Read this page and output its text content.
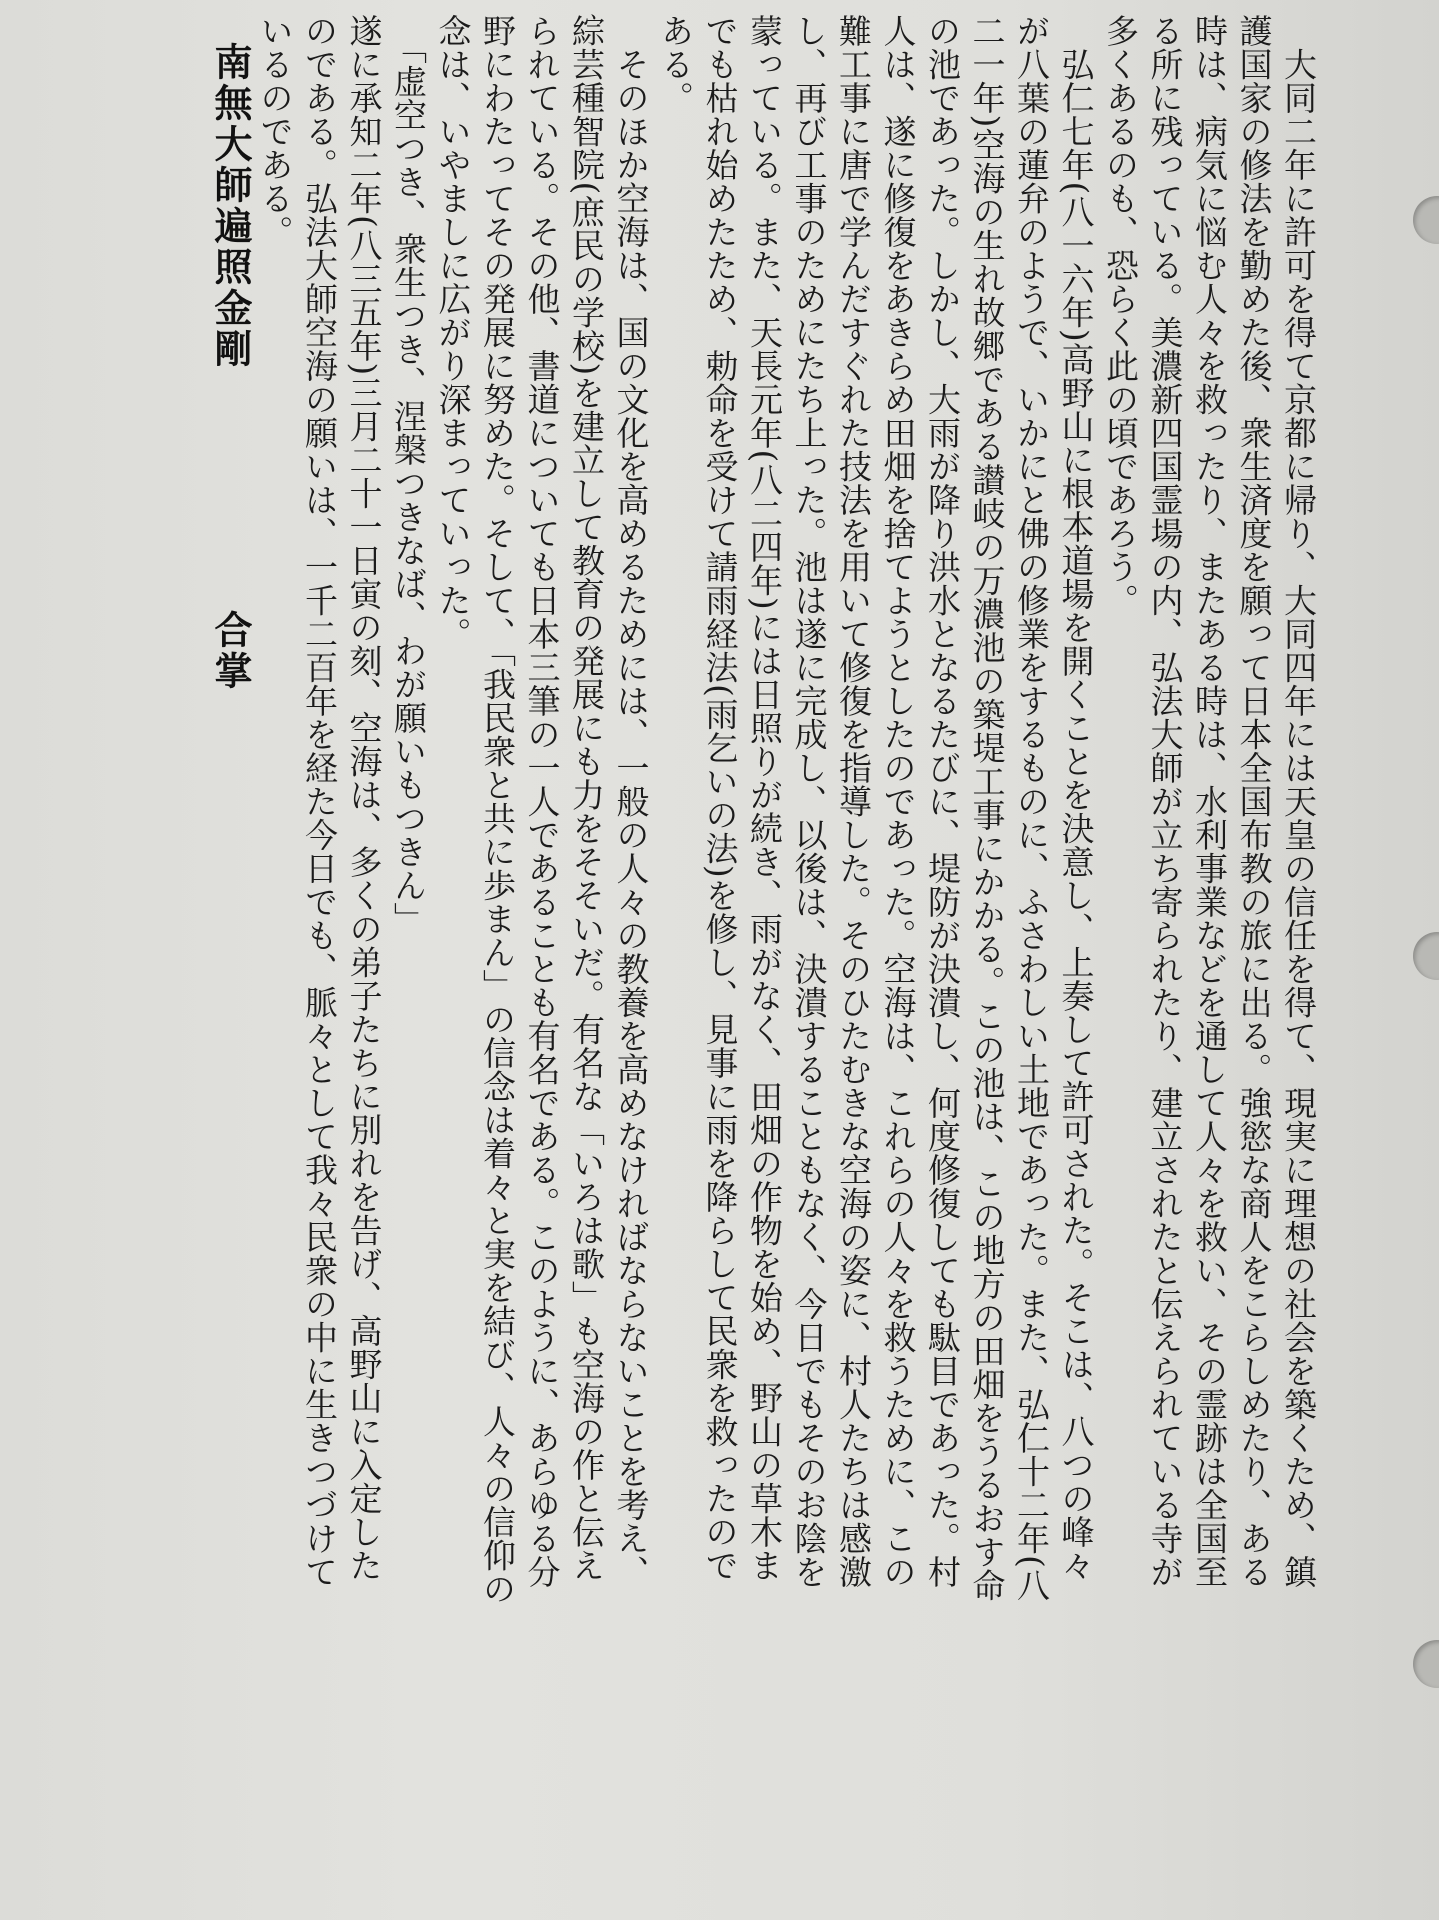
　大同二年に許可を得て京都に帰り、大同四年には天皇の信任を得て、現実に理想の社会を築くため、鎮
護国家の修法を勤めた後、衆生済度を願って日本全国布教の旅に出る。強慾な商人をこらしめたり、ある
時は、病気に悩む人々を救ったり、またある時は、水利事業などを通して人々を救い、その霊跡は全国至
る所に残っている。美濃新四国霊場の内、弘法大師が立ち寄られたり、建立されたと伝えられている寺が
多くあるのも、恐らく此の頃であろう。

　弘仁七年(八一六年)高野山に根本道場を開くことを決意し、上奏して許可された。そこは、八つの峰々
が八葉の蓮弁のようで、いかにと佛の修業をするものに、ふさわしい土地であった。また、弘仁十二年(八
二一年)空海の生れ故郷である讃岐の万濃池の築堤工事にかかる。この池は、この地方の田畑をうるおす命
の池であった。しかし、大雨が降り洪水となるたびに、堤防が決潰し、何度修復しても駄目であった。村
人は、遂に修復をあきらめ田畑を捨てようとしたのであった。空海は、これらの人々を救うために、この
難工事に唐で学んだすぐれた技法を用いて修復を指導した。そのひたむきな空海の姿に、村人たちは感激
し、再び工事のためにたち上った。池は遂に完成し、以後は、決潰することもなく、今日でもそのお陰を
蒙っている。また、天長元年(八二四年)には日照りが続き、雨がなく、田畑の作物を始め、野山の草木ま
でも枯れ始めたため、勅命を受けて請雨経法(雨乞いの法)を修し、見事に雨を降らして民衆を救ったので
ある。

　そのほか空海は、国の文化を高めるためには、一般の人々の教養を高めなければならないことを考え、
綜芸種智院(庶民の学校)を建立して教育の発展にも力をそそいだ。有名な「いろは歌」も空海の作と伝え
られている。その他、書道についても日本三筆の一人であることも有名である。このように、あらゆる分
野にわたってその発展に努めた。そして、「我民衆と共に歩まん」の信念は着々と実を結び、人々の信仰の
念は、いやましに広がり深まっていった。

　「虚空つき、衆生つき、涅槃つきなば、わが願いもつきん」
遂に承知二年(八三五年)三月二十一日寅の刻、空海は、多くの弟子たちに別れを告げ、高野山に入定した
のである。弘法大師空海の願いは、一千二百年を経た今日でも、脈々として我々民衆の中に生きつづけて
いるのである。

南無大師遍照金剛合掌
